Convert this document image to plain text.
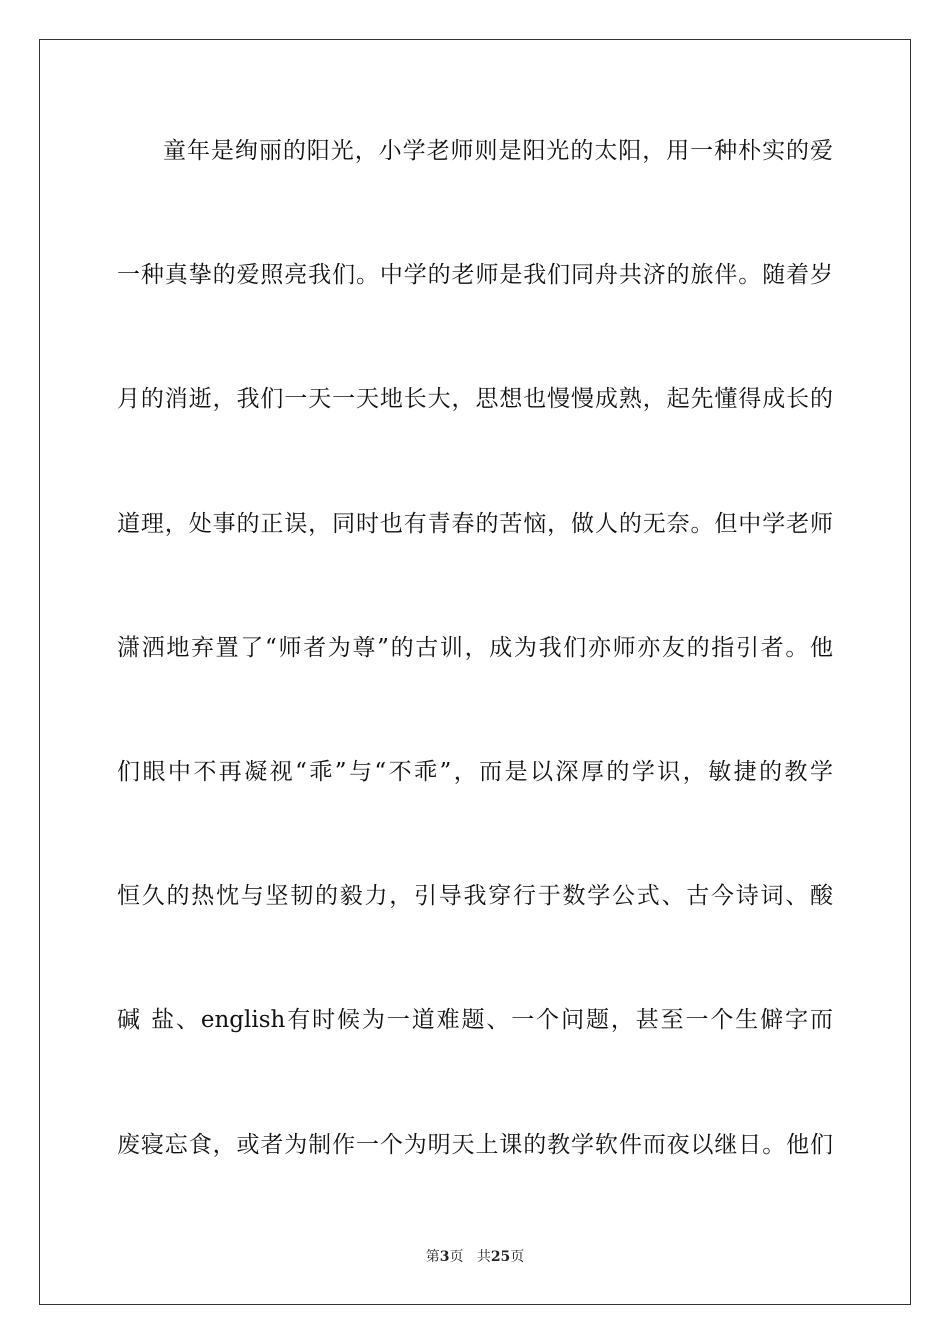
童年是绚丽的阳光，小学老师则是阳光的太阳，用一种朴实的爱
一种真挚的爱照亮我们。中学的老师是我们同舟共济的旅伴。随着岁
月的消逝，我们一天一天地长大，思想也慢慢成熟，起先懂得成长的
道理，处事的正误，同时也有青春的苦恼，做人的无奈。但中学老师
潇洒地弃置了“师者为尊”的古训，成为我们亦师亦友的指引者。他
们眼中不再凝视“乖”与“不乖”，而是以深厚的学识，敏捷的教学
恒久的热忱与坚韧的毅力，引导我穿行于数学公式、古今诗词、酸
碱 盐、english有时候为一道难题、一个问题，甚至一个生僻字而
废寝忘食，或者为制作一个为明天上课的教学软件而夜以继日。他们
第3页 共25页
